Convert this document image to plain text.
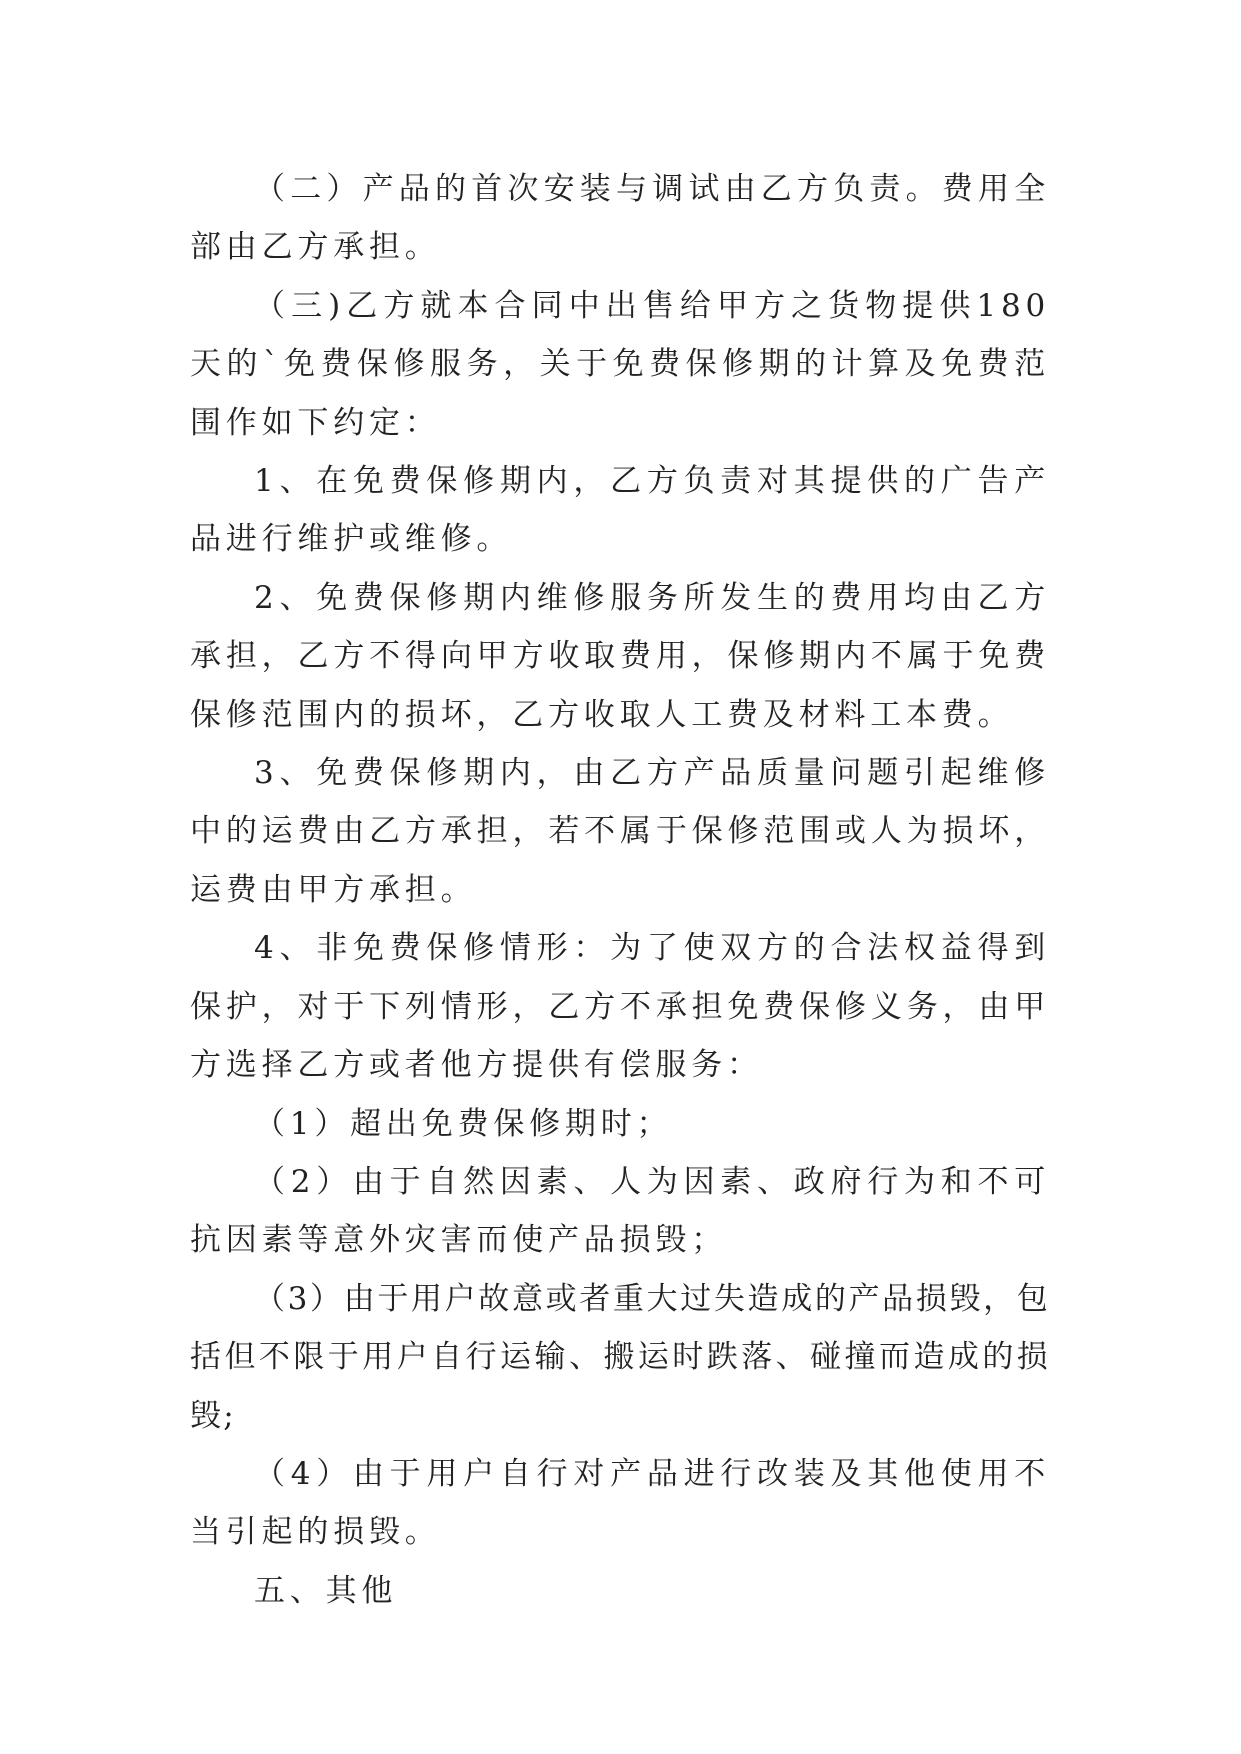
（二）产品的首次安装与调试由乙方负责。费用全部由乙方承担。

（三)乙方就本合同中出售给甲方之货物提供180天的`免费保修服务，关于免费保修期的计算及免费范围作如下约定：

1、在免费保修期内，乙方负责对其提供的广告产品进行维护或维修。

2、免费保修期内维修服务所发生的费用均由乙方承担，乙方不得向甲方收取费用，保修期内不属于免费保修范围内的损坏，乙方收取人工费及材料工本费。

3、免费保修期内，由乙方产品质量问题引起维修中的运费由乙方承担，若不属于保修范围或人为损坏，运费由甲方承担。

4、非免费保修情形：为了使双方的合法权益得到保护，对于下列情形，乙方不承担免费保修义务，由甲方选择乙方或者他方提供有偿服务：

（1）超出免费保修期时；

（2）由于自然因素、人为因素、政府行为和不可抗因素等意外灾害而使产品损毁；

（3）由于用户故意或者重大过失造成的产品损毁，包括但不限于用户自行运输、搬运时跌落、碰撞而造成的损毁;

（4）由于用户自行对产品进行改装及其他使用不当引起的损毁。

五、其他
